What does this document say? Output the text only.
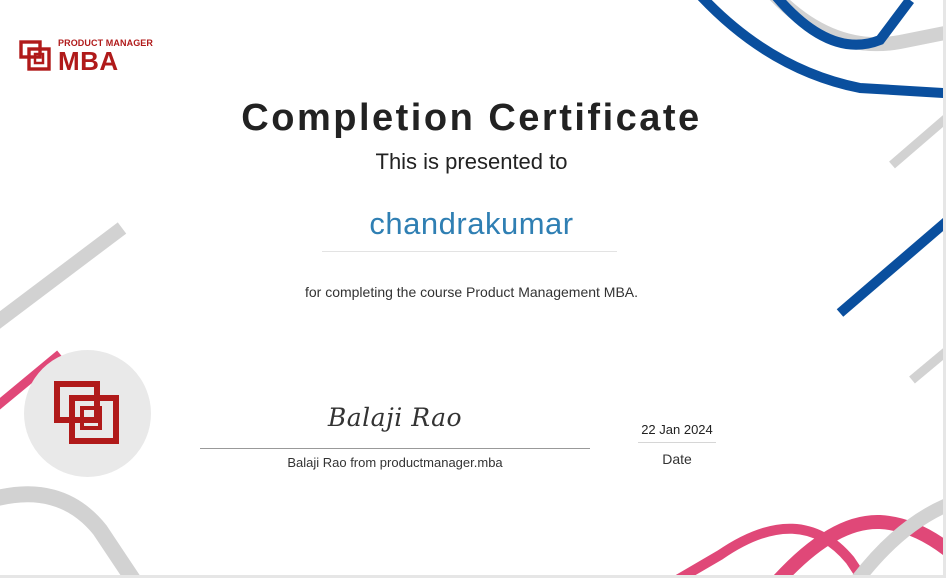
PRODUCT MANAGER
MBA
Completion Certificate
This is presented to
chandrakumar
for completing the course Product Management MBA.
Balaji Rao
Balaji Rao from productmanager.mba
22 Jan 2024
Date
